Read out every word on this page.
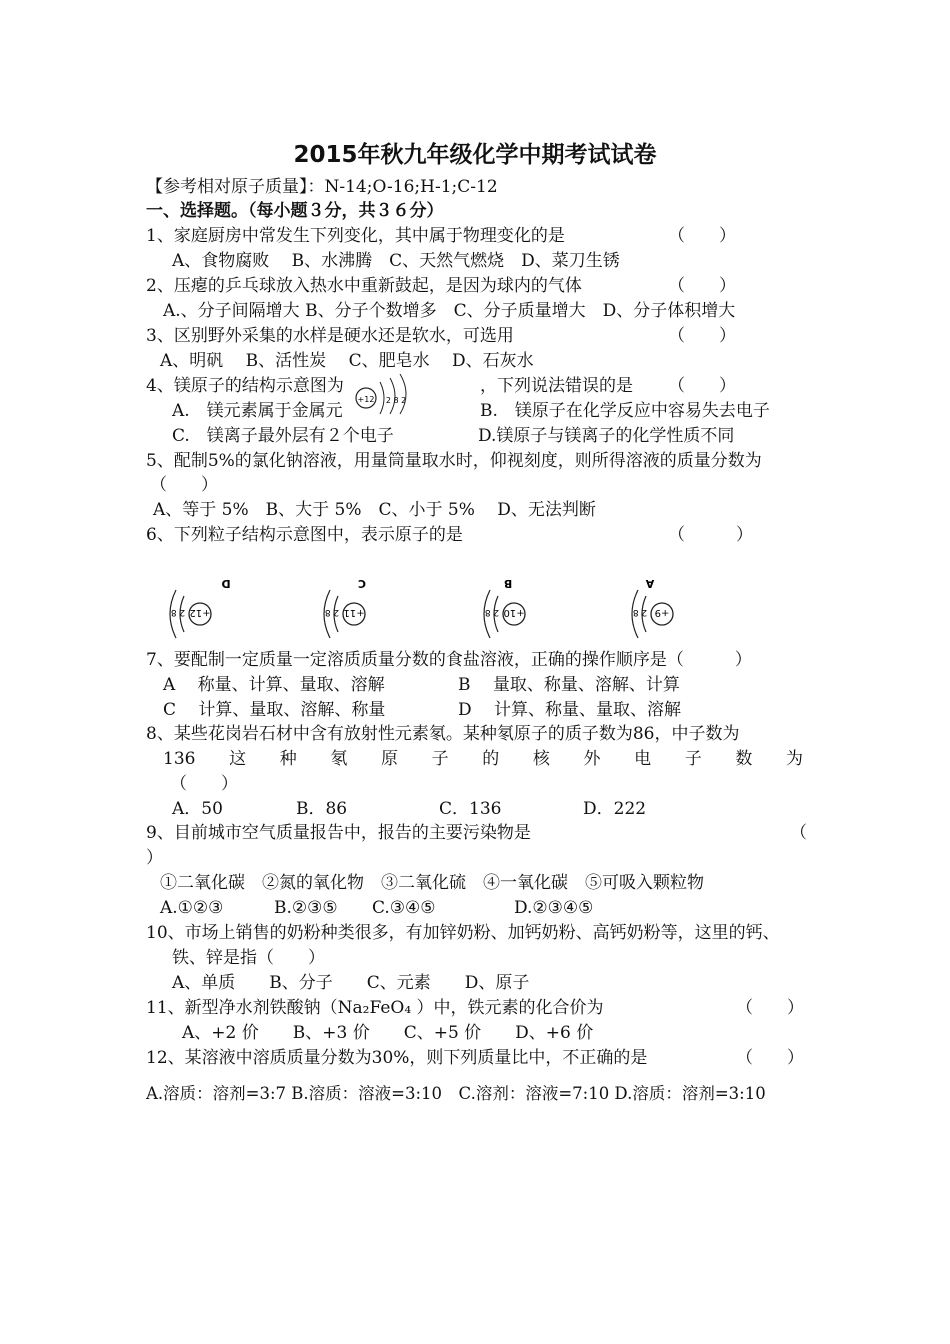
2015年秋九年级化学中期考试试卷
【参考相对原子质量】：N-14;O-16;H-1;C-12
一、选择题。（每小题３分，共３６分）
1、家庭厨房中常发生下列变化，其中属于物理变化的是	（　　）
A、食物腐败　 B、水沸腾　C、天然气燃烧　D、菜刀生锈
2、压瘪的乒乓球放入热水中重新鼓起，是因为球内的气体	（　　）
A.、分子间隔增大 B、分子个数增多　C、分子质量增大　D、分子体积增大
3、区别野外采集的水样是硬水还是软水，可选用	（　　）
A、明矾　 B、活性炭　 C、肥皂水　 D、石灰水
4、镁原子的结构示意图为
+12 2 8 2
，下列说法错误的是 （　　）
A.　镁元素属于金属元	B.　镁原子在化学反应中容易失去电子
C.　镁离子最外层有２个电子	D.镁原子与镁离子的化学性质不同
5、配制5%的氯化钠溶液，用量筒量取水时，仰视刻度，则所得溶液的质量分数为
（　　）
A、等于 5%　B、大于 5%　C、小于 5%　 D、无法判断
6、下列粒子结构示意图中，表示原子的是	（　　　）
D
+12
2 8
C
+11
2 8
B
+10
2 8
A
+9
2 8
7、要配制一定质量一定溶质质量分数的食盐溶液，正确的操作顺序是（　　　）
A　 称量、计算、量取、溶解	B　 量取、称量、溶解、计算
C　 计算、量取、溶解、称量	D　 计算、称量、量取、溶解
8、某些花岗岩石材中含有放射性元素氡。某种氡原子的质子数为86，中子数为
136 这 种 氡 原 子 的 核 外 电 子 数 为
（　　）
A．50	B．86	C．136	D．222
9、目前城市空气质量报告中，报告的主要污染物是	（
）
①二氧化碳　②氮的氧化物　③二氧化硫　④一氧化碳　⑤可吸入颗粒物
A.①②③	B.②③⑤ C.③④⑤	D.②③④⑤
10、市场上销售的奶粉种类很多，有加锌奶粉、加钙奶粉、高钙奶粉等，这里的钙、
铁、锌是指（　　）
A、单质　　B、分子　　C、元素　　D、原子
11、新型净水剂铁酸钠（Na₂FeO₄ ）中，铁元素的化合价为	（　　）
A、+2 价　　B、+3 价　　C、+5 价　　D、+6 价
12、某溶液中溶质质量分数为30%，则下列质量比中，不正确的是	（　　）
A.溶质：溶剂=3:7 B.溶质：溶液=3:10　C.溶剂：溶液=7:10 D.溶质：溶剂=3:10
